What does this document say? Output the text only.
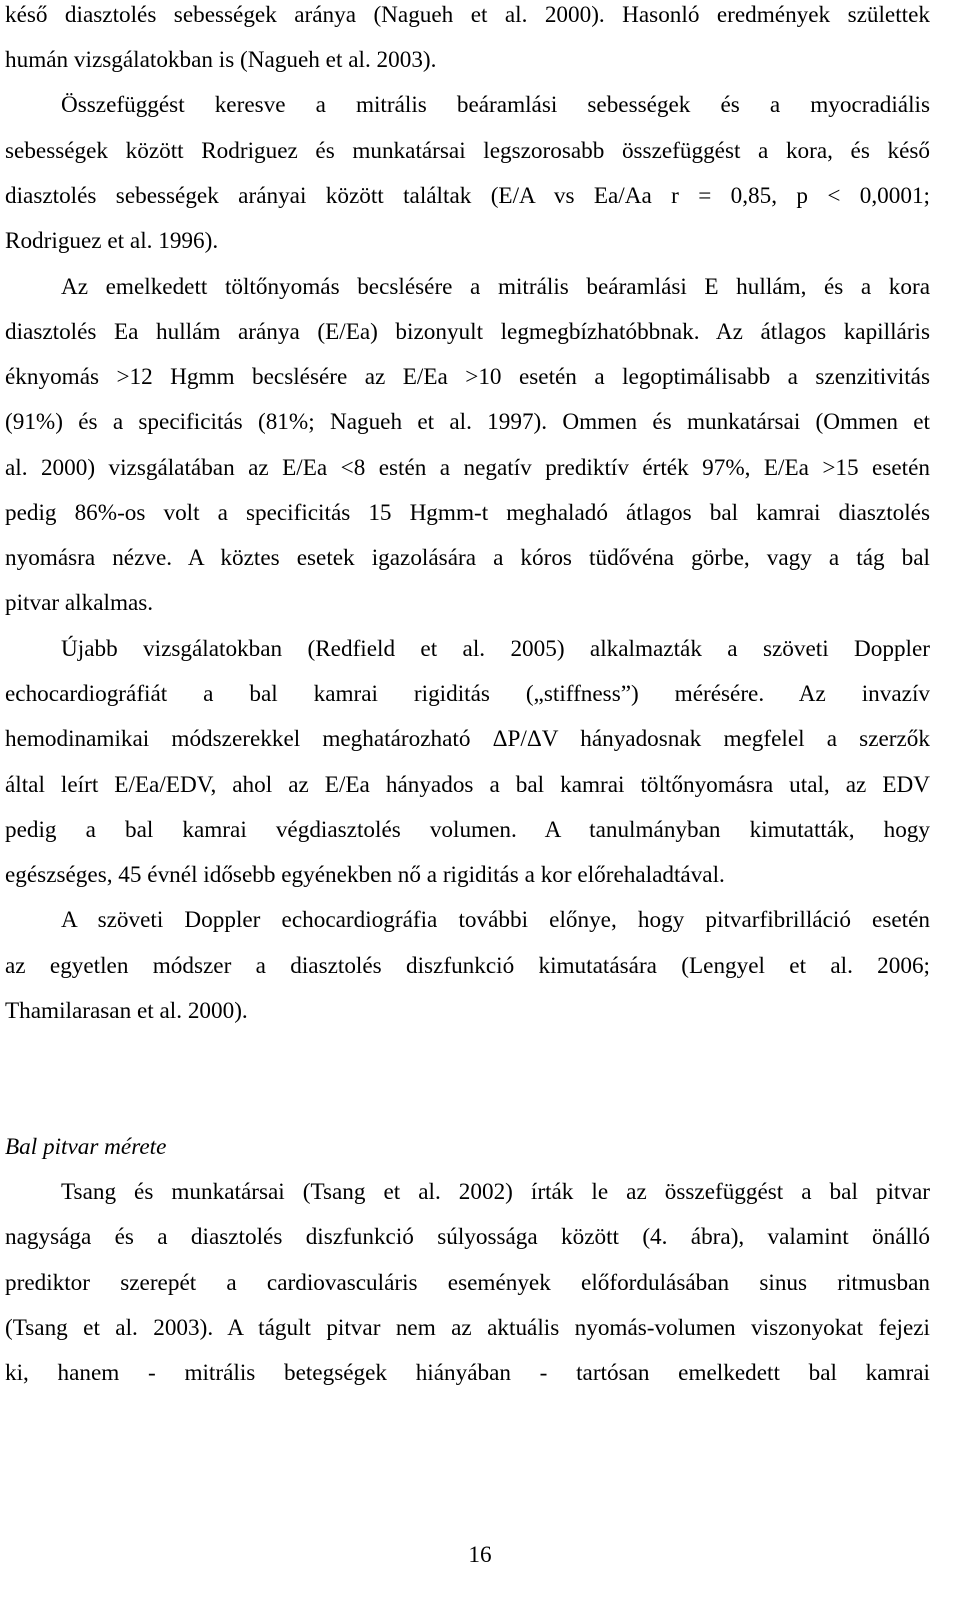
késő diasztolés sebességek aránya (Nagueh et al. 2000). Hasonló eredmények születtek
humán vizsgálatokban is (Nagueh et al. 2003).
Összefüggést keresve a mitrális beáramlási sebességek és a myocradiális
sebességek között Rodriguez és munkatársai legszorosabb összefüggést a kora, és késő
diasztolés sebességek arányai között találtak (E/A vs Ea/Aa r = 0,85, p < 0,0001;
Rodriguez et al. 1996).
Az emelkedett töltőnyomás becslésére a mitrális beáramlási E hullám, és a kora
diasztolés Ea hullám aránya (E/Ea) bizonyult legmegbízhatóbbnak. Az átlagos kapilláris
éknyomás >12 Hgmm becslésére az E/Ea >10 esetén a legoptimálisabb a szenzitivitás
(91%) és a specificitás (81%; Nagueh et al. 1997). Ommen és munkatársai (Ommen et
al. 2000) vizsgálatában az E/Ea <8 estén a negatív prediktív érték 97%, E/Ea >15 esetén
pedig 86%-os volt a specificitás 15 Hgmm-t meghaladó átlagos bal kamrai diasztolés
nyomásra nézve. A köztes esetek igazolására a kóros tüdővéna görbe, vagy a tág bal
pitvar alkalmas.
Újabb vizsgálatokban (Redfield et al. 2005) alkalmazták a szöveti Doppler
echocardiográfiát a bal kamrai rigiditás („stiffness”) mérésére. Az invazív
hemodinamikai módszerekkel meghatározható ΔP/ΔV hányadosnak megfelel a szerzők
által leírt E/Ea/EDV, ahol az E/Ea hányados a bal kamrai töltőnyomásra utal, az EDV
pedig a bal kamrai végdiasztolés volumen. A tanulmányban kimutatták, hogy
egészséges, 45 évnél idősebb egyénekben nő a rigiditás a kor előrehaladtával.
A szöveti Doppler echocardiográfia további előnye, hogy pitvarfibrilláció esetén
az egyetlen módszer a diasztolés diszfunkció kimutatására (Lengyel et al. 2006;
Thamilarasan et al. 2000).
Bal pitvar mérete
Tsang és munkatársai (Tsang et al. 2002) írták le az összefüggést a bal pitvar
nagysága és a diasztolés diszfunkció súlyossága között (4. ábra), valamint önálló
prediktor szerepét a cardiovasculáris események előfordulásában sinus ritmusban
(Tsang et al. 2003). A tágult pitvar nem az aktuális nyomás-volumen viszonyokat fejezi
ki, hanem - mitrális betegségek hiányában - tartósan emelkedett bal kamrai
16
